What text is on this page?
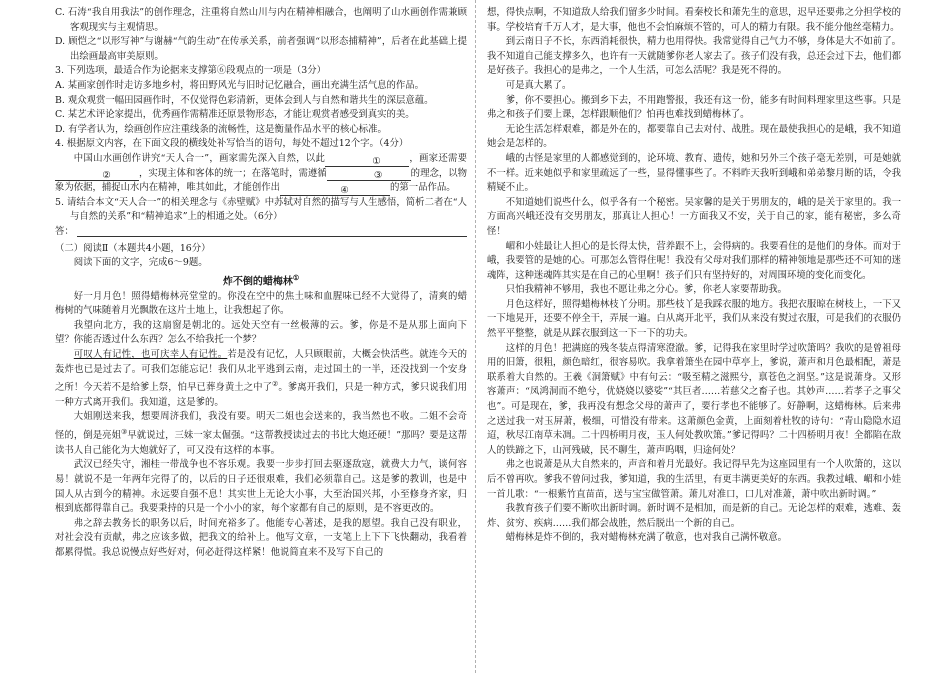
C. 石涛“我自用我法”的创作理念，注重将自然山川与内在精神相融合，也阐明了山水画创作需兼顾客观现实与主观情思。

D. 顾恺之“以形写神”与谢赫“气韵生动”在传承关系，前者强调“以形态捕精神”，后者在此基础上提出绘画最高审美原则。

3. 下列选项，最适合作为论据来支撑第⑥段观点的一项是（3分）

A. 某画家创作时走访多地乡村，将田野风光与旧时记忆融合，画出充满生活气息的作品。

B. 观众观赏一幅田园画作时，不仅觉得色彩清新，更体会到人与自然和谐共生的深层意蕴。

C. 某艺术评论家提出，优秀画作需精准还原景物形态，才能让观赏者感受到真实的美。

D. 有学者认为，绘画创作应注重线条的流畅性，这是衡量作品水平的核心标准。

4. 根据原文内容，在下面文段的横线处补写恰当的语句，每处不超过12个字。（4分）

中国山水画创作讲究“天人合一”，画家需先深入自然，以此	①	，画家还需要②	，实现主体和客体的统一；在落笔时，需遵循	③	的理念，以物象为依据，捕捉山水内在精神，唯其如此，才能创作出	④	的第一品作品。

5. 请结合本文“天人合一”的相关理念与《赤壁赋》中苏轼对自然的描写与人生感悟，简析二者在“人与自然的关系”和“精神追求”上的相通之处。（6分）

答：

（二）阅读Ⅱ（本题共4小题，16分）

阅读下面的文字，完成6～9题。

炸不倒的蜡梅林①

好一月月色！照得蜡梅林亮堂堂的。你没在空中的焦土味和血腥味已经不大觉得了，清爽的蜡梅树的气味随着月光飘散在这片土地上，让我想起了你。

我望向北方，我的这扇窗是朝北的。远处天空有一丝极薄的云。爹，你是不是从那上面向下望？你能否透过什么东西？怎么不给我托一个梦？

可叹人有记性，也可庆幸人有记性。若是没有记忆，人只顾眼前，大概会快活些。就连今天的轰炸也已是过去了。可我们怎能忘记！我们从北平逃到云南，走过国土的一半，还没找到一个安身之所！今天若不是给爹上祭，怕早已葬身黄土之中了②。爹离开我们，只是一种方式，爹只说我们用一种方式离开我们。我知道，这是爹的。

大姐刚送来我，想要周济我们，我没有要。明天二姐也会送来的，我当然也不收。二姐不会奇怪的，倒是亮姐③早就说过，三妹一家太倔强。“这帮教授读过去的书比大炮还硬！”那吗？要是这帮读书人自己能化为大炮就好了，可又没有这样的本事。

武汉已经失守，湘桂一带战争也不容乐观。我要一步步打回去驱逐敌寇，就费大力气，谈何容易！就说不是一年两年完得了的，以后的日子还很艰难，我们必须靠自己。这是爹的教训，也是中国人从古到今的精神。永远要自强不息！其实世上无论大小事，大至治国兴邦，小至修身齐家，归根到底都得靠自己。我要秉持的只是一个小小的家，每个家都有自己的原则，是不容更改的。

弗之辞去教务长的职务以后，时间充裕多了。他能专心著述，是我的愿望。我自己没有职业，对社会没有贡献，弗之应该多做，把我文的给补上。他写文章，一支笔上上下下飞快翻动，我看着都累得慌。我总说慢点好些好对，何必赶得这样紧！他说简直来不及写下自己的

想，得快点啊，不知道敌人给我们留多少时间。看秦校长和萧先生的意思，迟早还要弗之分担学校的事。学校培育千万人才，是大事，他也不会怕麻烦不管的，可人的精力有限。我不能分他丝毫精力。

到云南日子不长，东西消耗很快，精力也用得快。我常觉得自己气力不够，身体是大不如前了。我不知道自己能支撑多久，也许有一天就随爹你老人家去了。孩子们没有我，总还会过下去，他们都是好孩子。我担心的是弗之，一个人生活，可怎么活呢？我是死不得的。

可是真大累了。

爹，你不要担心。搬到乡下去，不用跑警报，我还有这一份，能多有时间料理家里这些事。只是弗之和孩子们要上课，怎样跟顺他们？怕再也难找到蜡梅林了。

无论生活怎样艰难，都是外在的，都要靠自己去对付、战胜。现在最使我担心的是峨，我不知道她会是怎样的。

峨的古怪是家里的人都感觉到的，论环境、教育、遗传，她和另外三个孩子毫无差别，可是她就不一样。近来她似乎和家里疏远了一些，显得懂事些了。不料昨天我听到峨和弟弟黎月断的话，令我精疑不止。

不知道她们说些什么，似乎各有一个秘密。吴家馨的是关于男朋友的，峨的是关于家里的。我一方面高兴峨还没有交男朋友，那真让人担心！一方面我又不安，关于自己的家，能有秘密，多么奇怪！

嵋和小娃最让人担心的是长得太快，营养跟不上，会得病的。我要看住的是他们的身体。而对于峨，我要管的是她的心。可那怎么管得住呢！我没有父母对我们那样的精神领地是那些还不可知的迷魂阵，这种迷魂阵其实是在自己的心里啊！孩子们只有坚持好的，对周围环境的变化而变化。

只怕我精神不够用，我也不愿让弗之分心。爹，你老人家要帮助我。

月色这样好，照得蜡梅林枝丫分明。那些枝丫是我踩衣服的地方。我把衣服晾在树枝上，一下又一下地晃开，还要不停全干，弄展一遍。白从离开北平，我们从来没有熨过衣服，可是我们的衣服仍然平平整整，就是从踩衣服到这一下一下的功夫。

这样的月色！把满庭的残冬装点得清寒澄澈。爹，记得我在家里时学过吹箫吗？我吹的是曾祖母用的旧箫，很粗，颜色暗红，很容易吹。我拿着箫坐在园中草亭上，爹说，萧声和月色最相配，萧是联系着大自然的。王羲《洞箫赋》中有句云：“吸至精之滋熙兮，禀苍色之润坚。”这是说萧身。又形容萧声：“凤鸿洞而不绝兮，优娆娆以婆娑”“其巨者……若慈父之畜子也。其妙声……若孝子之事父也”。可是现在，爹，我再没有想念父母的萧声了，要行孝也不能够了。好静啊，这蜡梅林。后来弗之送过我一对玉屏萧，极细，可惜没有带来。这萧颜色金黄，上面刻着杜牧的诗句：“青山隐隐水迢迢，秋尽江南草未凋。二十四桥明月夜，玉人何处教吹箫。”爹记得吗？二十四桥明月夜！全都陷在敌人的铁蹄之下，山河残破，民不聊生，萧声呜咽，归途何处？

弗之也说萧是从大自然来的，声音和着月光最好。我记得早先为这座园里有一个人吹箫的，这以后不曾再吹。爹我不曾问过我，爹知道，我的生活里，有更丰满更美好的东西。我教过峨、嵋和小娃一首儿歌：“一根紫竹直苗苗，送与宝宝做管萧。萧儿对准口，口儿对准萧，萧中吹出新时调。”

我教育孩子们要不断吹出新时调。新时调不是相加，而是新的自己。无论怎样的艰难，逃难、轰炸、贫穷、疾病……我们都会战胜，然后脱出一个新的自己。

蜡梅林是炸不倒的，我对蜡梅林充满了敬意，也对我自己满怀敬意。
